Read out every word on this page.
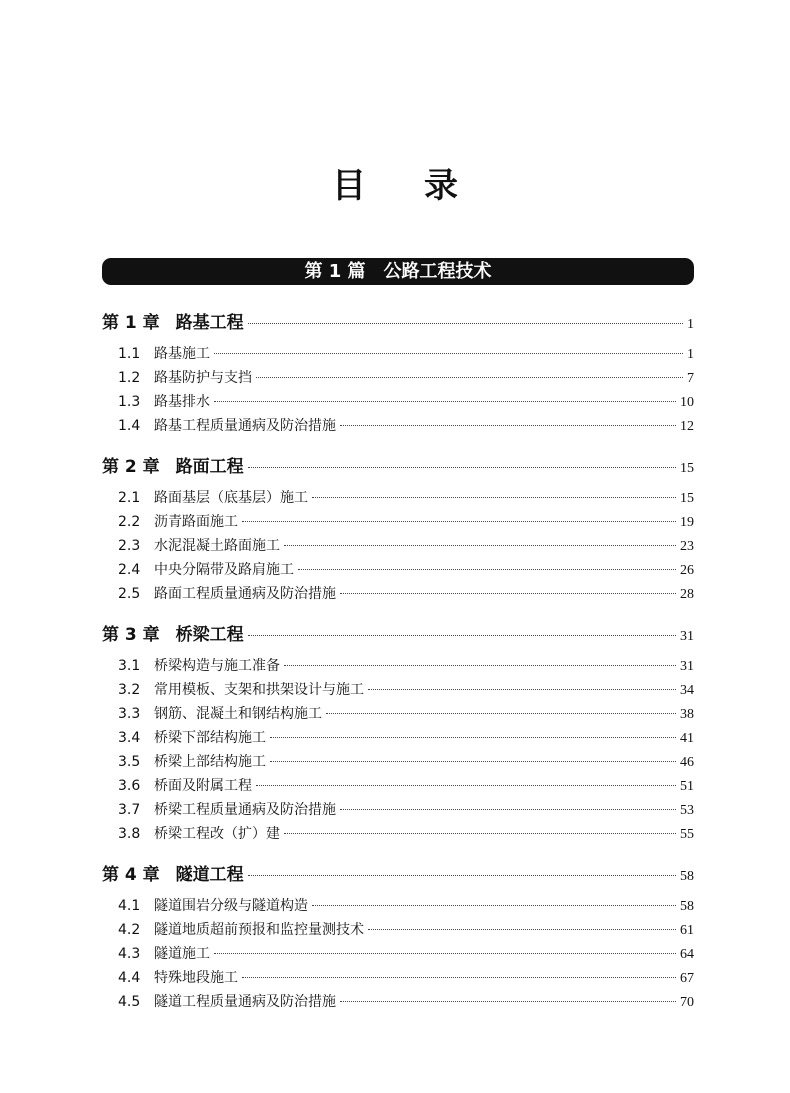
目 录
第 1 篇　公路工程技术
第 1 章 路基工程	1
1.1 路基施工	1
1.2 路基防护与支挡	7
1.3 路基排水	10
1.4 路基工程质量通病及防治措施	12
第 2 章 路面工程	15
2.1 路面基层（底基层）施工	15
2.2 沥青路面施工	19
2.3 水泥混凝土路面施工	23
2.4 中央分隔带及路肩施工	26
2.5 路面工程质量通病及防治措施	28
第 3 章 桥梁工程	31
3.1 桥梁构造与施工准备	31
3.2 常用模板、支架和拱架设计与施工	34
3.3 钢筋、混凝土和钢结构施工	38
3.4 桥梁下部结构施工	41
3.5 桥梁上部结构施工	46
3.6 桥面及附属工程	51
3.7 桥梁工程质量通病及防治措施	53
3.8 桥梁工程改（扩）建	55
第 4 章 隧道工程	58
4.1 隧道围岩分级与隧道构造	58
4.2 隧道地质超前预报和监控量测技术	61
4.3 隧道施工	64
4.4 特殊地段施工	67
4.5 隧道工程质量通病及防治措施	70
